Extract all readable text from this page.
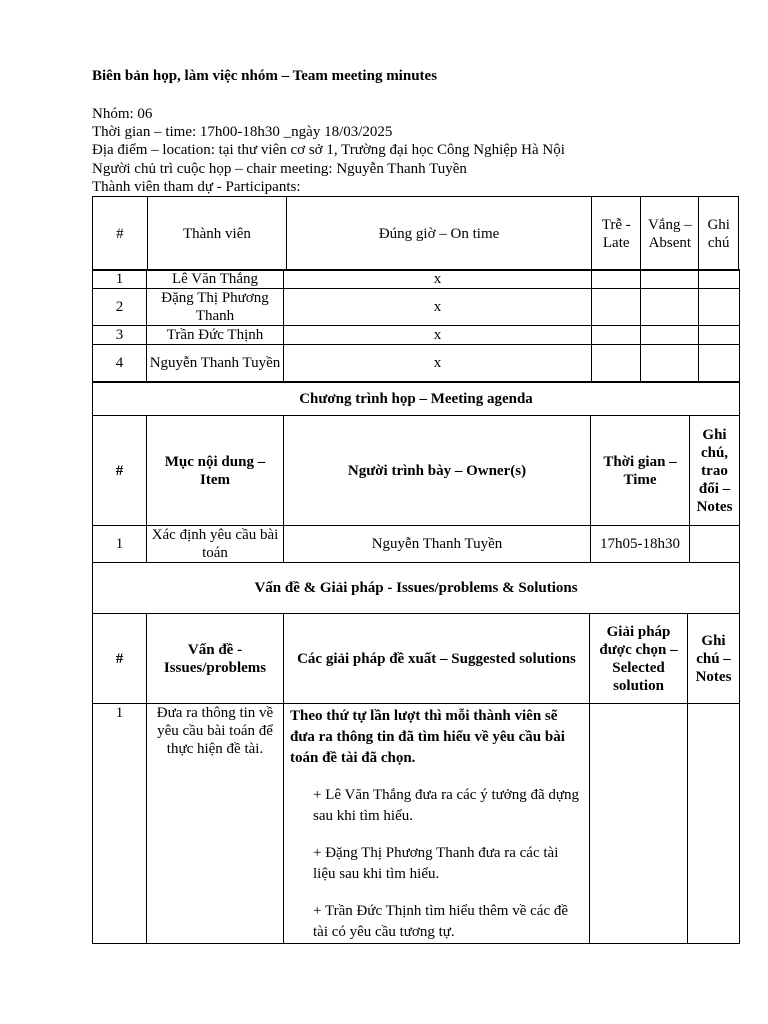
Biên bản họp, làm việc nhóm – Team meeting minutes
Nhóm: 06
Thời gian – time: 17h00-18h30 _ngày 18/03/2025
Địa điểm – location: tại thư viên cơ sở 1, Trường đại học Công Nghiệp Hà Nội
Người chủ trì cuộc họp – chair meeting: Nguyễn Thanh Tuyền
Thành viên tham dự - Participants:
#	Thành viên		Đúng giờ – On time	Trễ - Late	Vắng – Absent	Ghi chú
1	Lê Văn Thắng	x			
2	Đặng Thị Phương Thanh	x			
3	Trần Đức Thịnh	x			
4	Nguyễn Thanh Tuyền	x			
Chương trình họp – Meeting agenda				
#	Mục nội dung – Item	Người trình bày – Owner(s)	Thời gian – Time	Ghi chú, trao đổi – Notes
1	Xác định yêu cầu bài toán	Nguyễn Thanh Tuyền	17h05-18h30	
Vấn đề & Giải pháp - Issues/problems & Solutions				
#	Vấn đề - Issues/problems	Các giải pháp đề xuất – Suggested solutions	Giải pháp được chọn – Selected solution	Ghi chú – Notes
1	Đưa ra thông tin về yêu cầu bài toán để thực hiện đề tài.	Theo thứ tự lần lượt thì mỗi thành viên sẽ đưa ra thông tin đã tìm hiểu về yêu cầu bài toán đề tài đã chọn.
+ Lê Văn Thắng đưa ra các ý tưởng đã dựng sau khi tìm hiểu.
+ Đặng Thị Phương Thanh đưa ra các tài liệu sau khi tìm hiểu.
+ Trần Đức Thịnh tìm hiểu thêm về các đề tài có yêu cầu tương tự.		
